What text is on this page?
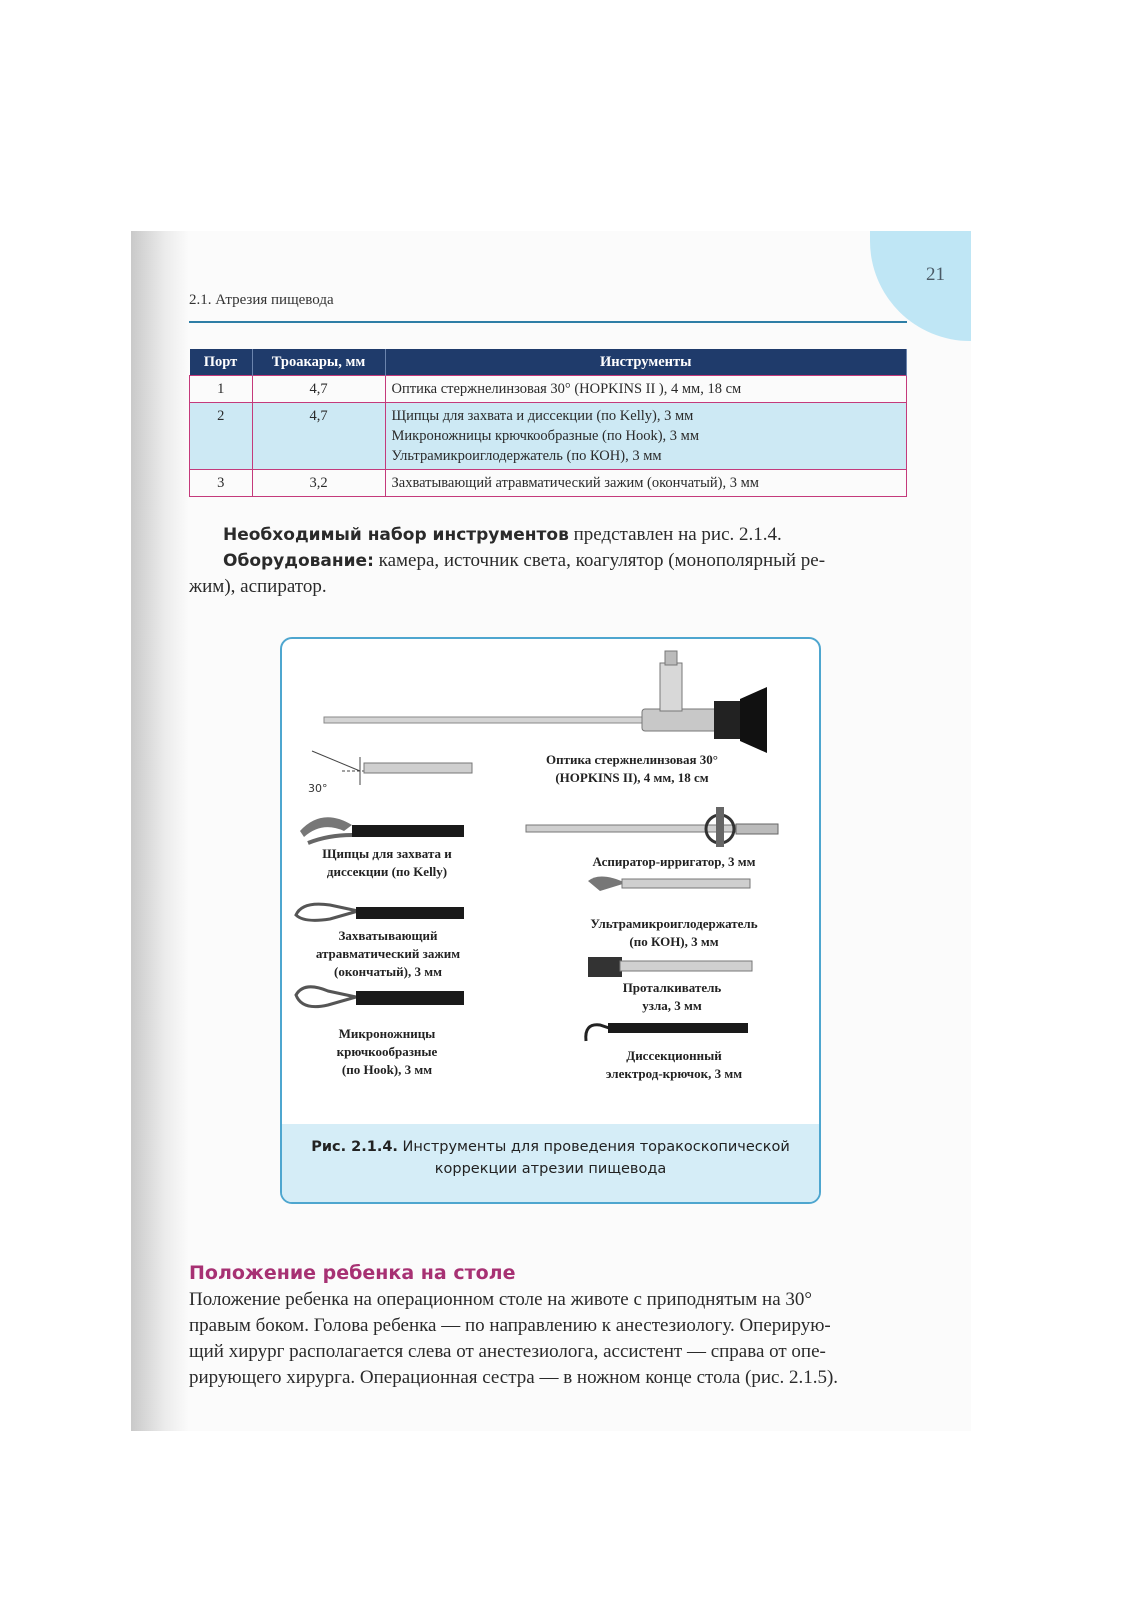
21
2.1. Атрезия пищевода
Порт	Троакары, мм	Инструменты
1	4,7	Оптика стержнелинзовая 30° (HOPKINS II ), 4 мм, 18 см

2	4,7	Щипцы для захвата и диссекции (по Kelly), 3 мм
Микроножницы крючкообразные (по Hook), 3 мм
Ультрамикроиглодержатель (по КОН), 3 мм

3	3,2	Захватывающий атравматический зажим (окончатый), 3 мм
Необходимый набор инструментов представлен на рис. 2.1.4.
Оборудование: камера, источник света, коагулятор (монополярный ре-
жим), аспиратор.
30°
Оптика стержнелинзовая 30°
(HOPKINS II), 4 мм, 18 см
Щипцы для захвата и
диссекции (по Kelly)
Аспиратор-ирригатор, 3 мм
Захватывающий
атравматический зажим
(окончатый), 3 мм
Ультрамикроиглодержатель
(по КОН), 3 мм
Проталкиватель
узла, 3 мм
Микроножницы
крючкообразные
(по Hook), 3 мм
Диссекционный
электрод-крючок, 3 мм
Рис. 2.1.4. Инструменты для проведения торакоскопической
коррекции атрезии пищевода
Положение ребенка на столе
Положение ребенка на операционном столе на животе с приподнятым на 30°
правым боком. Голова ребенка — по направлению к анестезиологу. Оперирую-
щий хирург располагается слева от анестезиолога, ассистент — справа от опе-
рирующего хирурга. Операционная сестра — в ножном конце стола (рис. 2.1.5).
